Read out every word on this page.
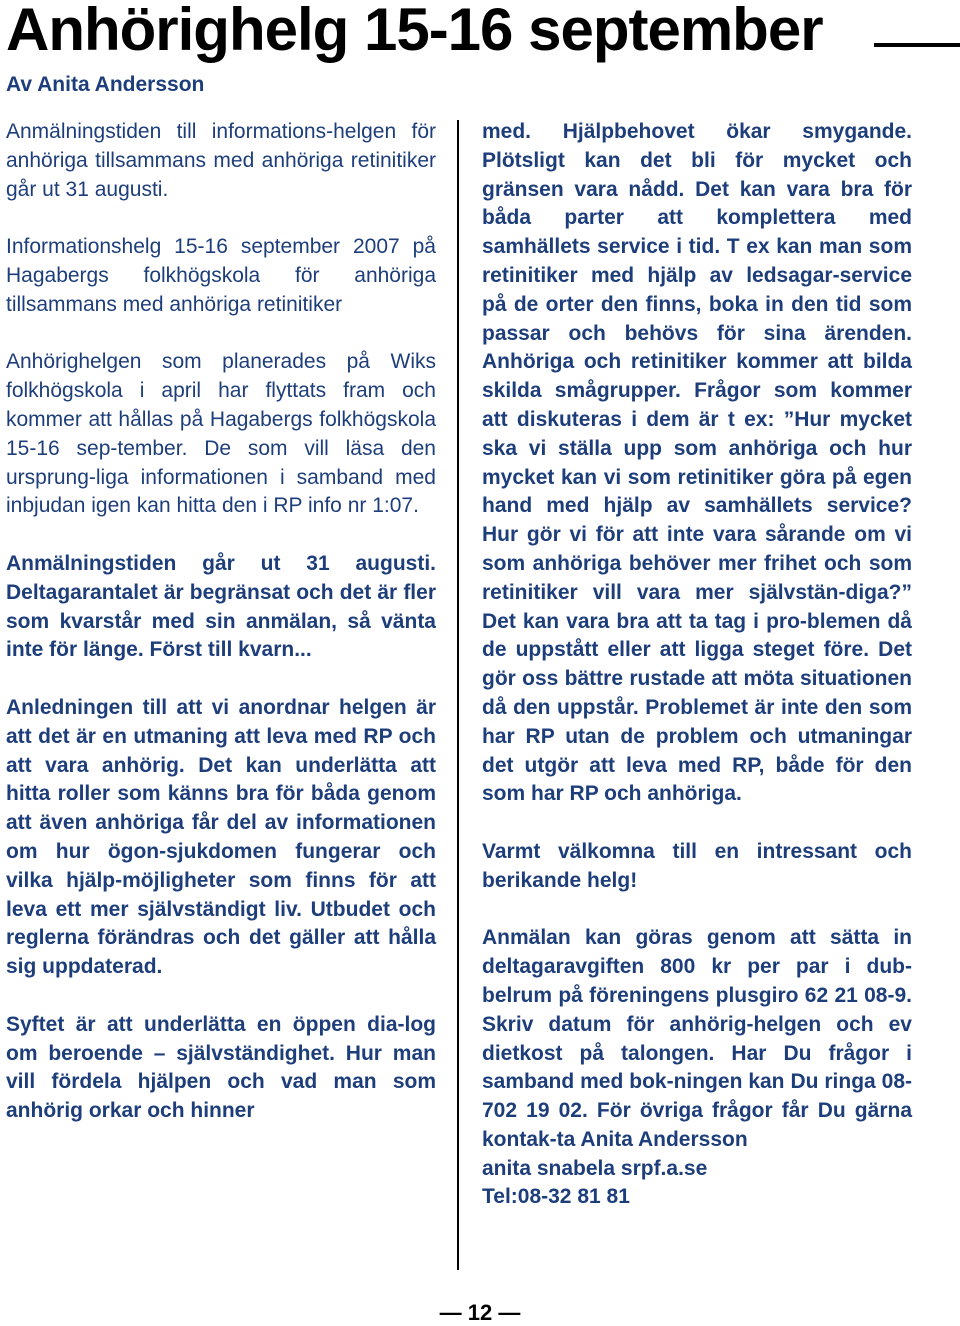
Anhörighelg 15-16 september

Av Anita Andersson

Anmälningstiden till informations-helgen för anhöriga tillsammans med anhöriga retinitiker går ut 31 augusti.

Informationshelg 15-16 september 2007 på Hagabergs folkhögskola för anhöriga tillsammans med anhöriga retinitiker

Anhörighelgen som planerades på Wiks folkhögskola i april har flyttats fram och kommer att hållas på Hagabergs folkhögskola 15-16 sep-tember. De som vill läsa den ursprung-liga informationen i samband med inbjudan igen kan hitta den i RP info nr 1:07.

Anmälningstiden går ut 31 augusti. Deltagarantalet är begränsat och det är fler som kvarstår med sin anmälan, så vänta inte för länge. Först till kvarn...

Anledningen till att vi anordnar helgen är att det är en utmaning att leva med RP och att vara anhörig. Det kan underlätta att hitta roller som känns bra för båda genom att även anhöriga får del av informationen om hur ögon-sjukdomen fungerar och vilka hjälp-möjligheter som finns för att leva ett mer självständigt liv. Utbudet och reglerna förändras och det gäller att hålla sig uppdaterad.

Syftet är att underlätta en öppen dia-log om beroende – självständighet. Hur man vill fördela hjälpen och vad man som anhörig orkar och hinner

med. Hjälpbehovet ökar smygande. Plötsligt kan det bli för mycket och gränsen vara nådd. Det kan vara bra för båda parter att komplettera med samhällets service i tid. T ex kan man som retinitiker med hjälp av ledsagar-service på de orter den finns, boka in den tid som passar och behövs för sina ärenden. Anhöriga och retinitiker kommer att bilda skilda smågrupper. Frågor som kommer att diskuteras i dem är t ex: ”Hur mycket ska vi ställa upp som anhöriga och hur mycket kan vi som retinitiker göra på egen hand med hjälp av samhällets service? Hur gör vi för att inte vara sårande om vi som anhöriga behöver mer frihet och som retinitiker vill vara mer självstän-diga?” Det kan vara bra att ta tag i pro-blemen då de uppstått eller att ligga steget före. Det gör oss bättre rustade att möta situationen då den uppstår. Problemet är inte den som har RP utan de problem och utmaningar det utgör att leva med RP, både för den som har RP och anhöriga.

Varmt välkomna till en intressant och berikande helg!

Anmälan kan göras genom att sätta in deltagaravgiften 800 kr per par i dub-belrum på föreningens plusgiro 62 21 08-9. Skriv datum för anhörig-helgen och ev dietkost på talongen. Har Du frågor i samband med bok-ningen kan Du ringa 08-702 19 02. För övriga frågor får Du gärna kontak-ta Anita Andersson
anita snabela srpf.a.se
Tel:08-32 81 81

— 12 —
